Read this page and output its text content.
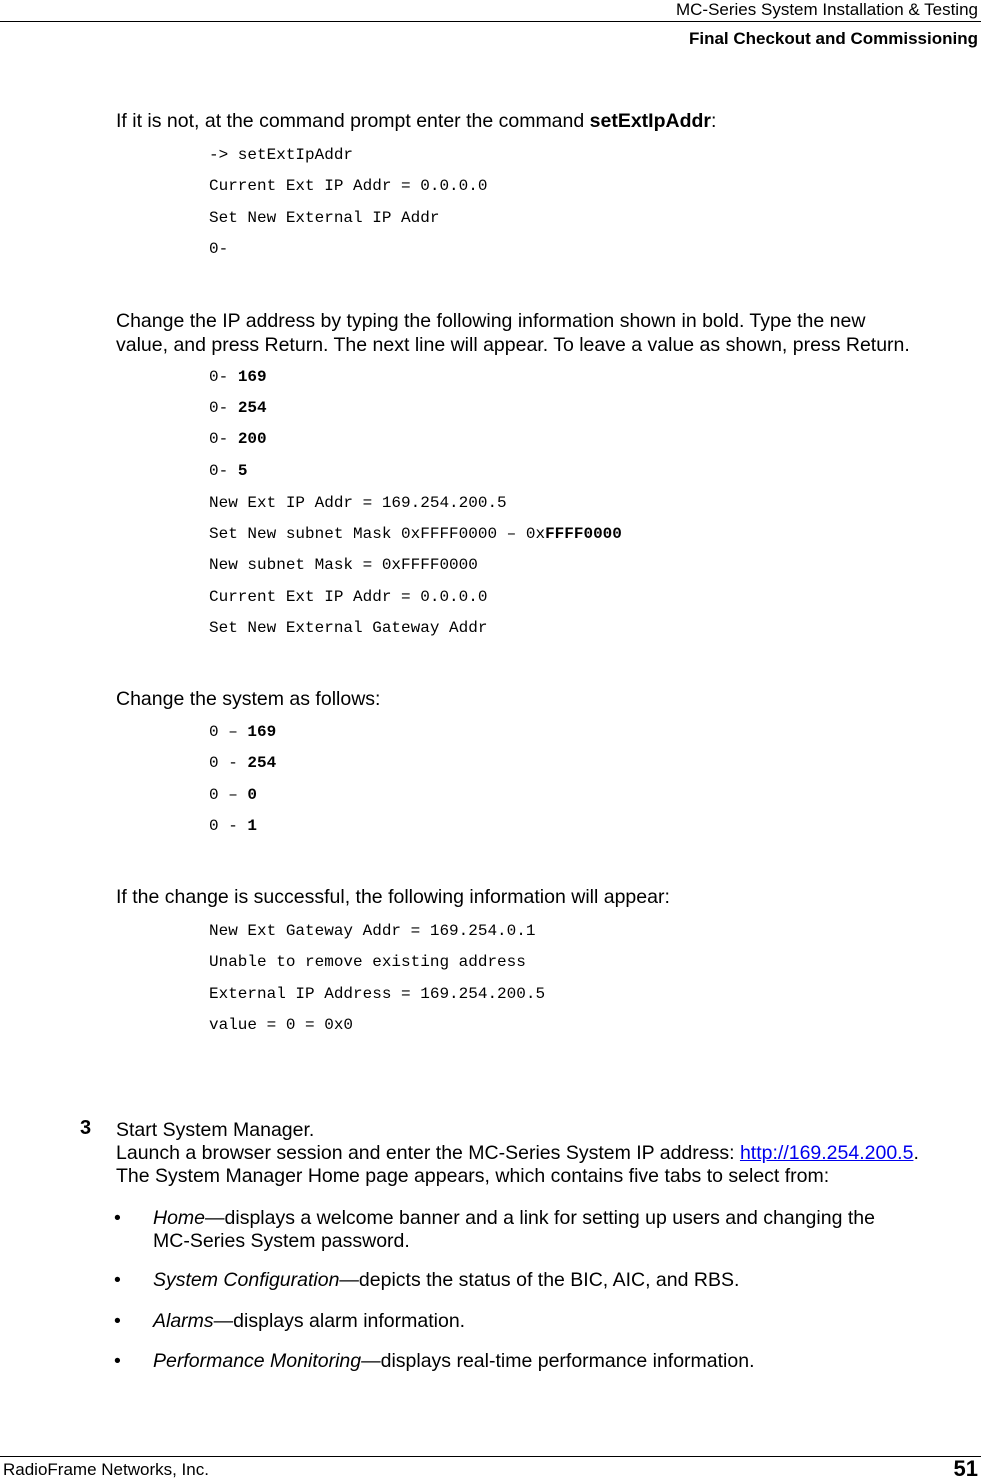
MC-Series System Installation & Testing
Final Checkout and Commissioning
If it is not, at the command prompt enter the command setExtIpAddr:
-> setExtIpAddr
Current Ext IP Addr = 0.0.0.0
Set New External IP Addr
0-
Change the IP address by typing the following information shown in bold. Type the new
value, and press Return. The next line will appear. To leave a value as shown, press Return.
0- 169
0- 254
0- 200
0- 5
New Ext IP Addr = 169.254.200.5
Set New subnet Mask 0xFFFF0000 – 0xFFFF0000
New subnet Mask = 0xFFFF0000
Current Ext IP Addr = 0.0.0.0
Set New External Gateway Addr
Change the system as follows:
0 – 169
0 - 254
0 – 0
0 - 1
If the change is successful, the following information will appear:
New Ext Gateway Addr = 169.254.0.1
Unable to remove existing address
External IP Address = 169.254.200.5
value = 0 = 0x0
3 Start System Manager.
Launch a browser session and enter the MC-Series System IP address: http://169.254.200.5.
The System Manager Home page appears, which contains five tabs to select from:
• Home—displays a welcome banner and a link for setting up users and changing the
MC-Series System password.
• System Configuration—depicts the status of the BIC, AIC, and RBS.
• Alarms—displays alarm information.
• Performance Monitoring—displays real-time performance information.
RadioFrame Networks, Inc.	51
